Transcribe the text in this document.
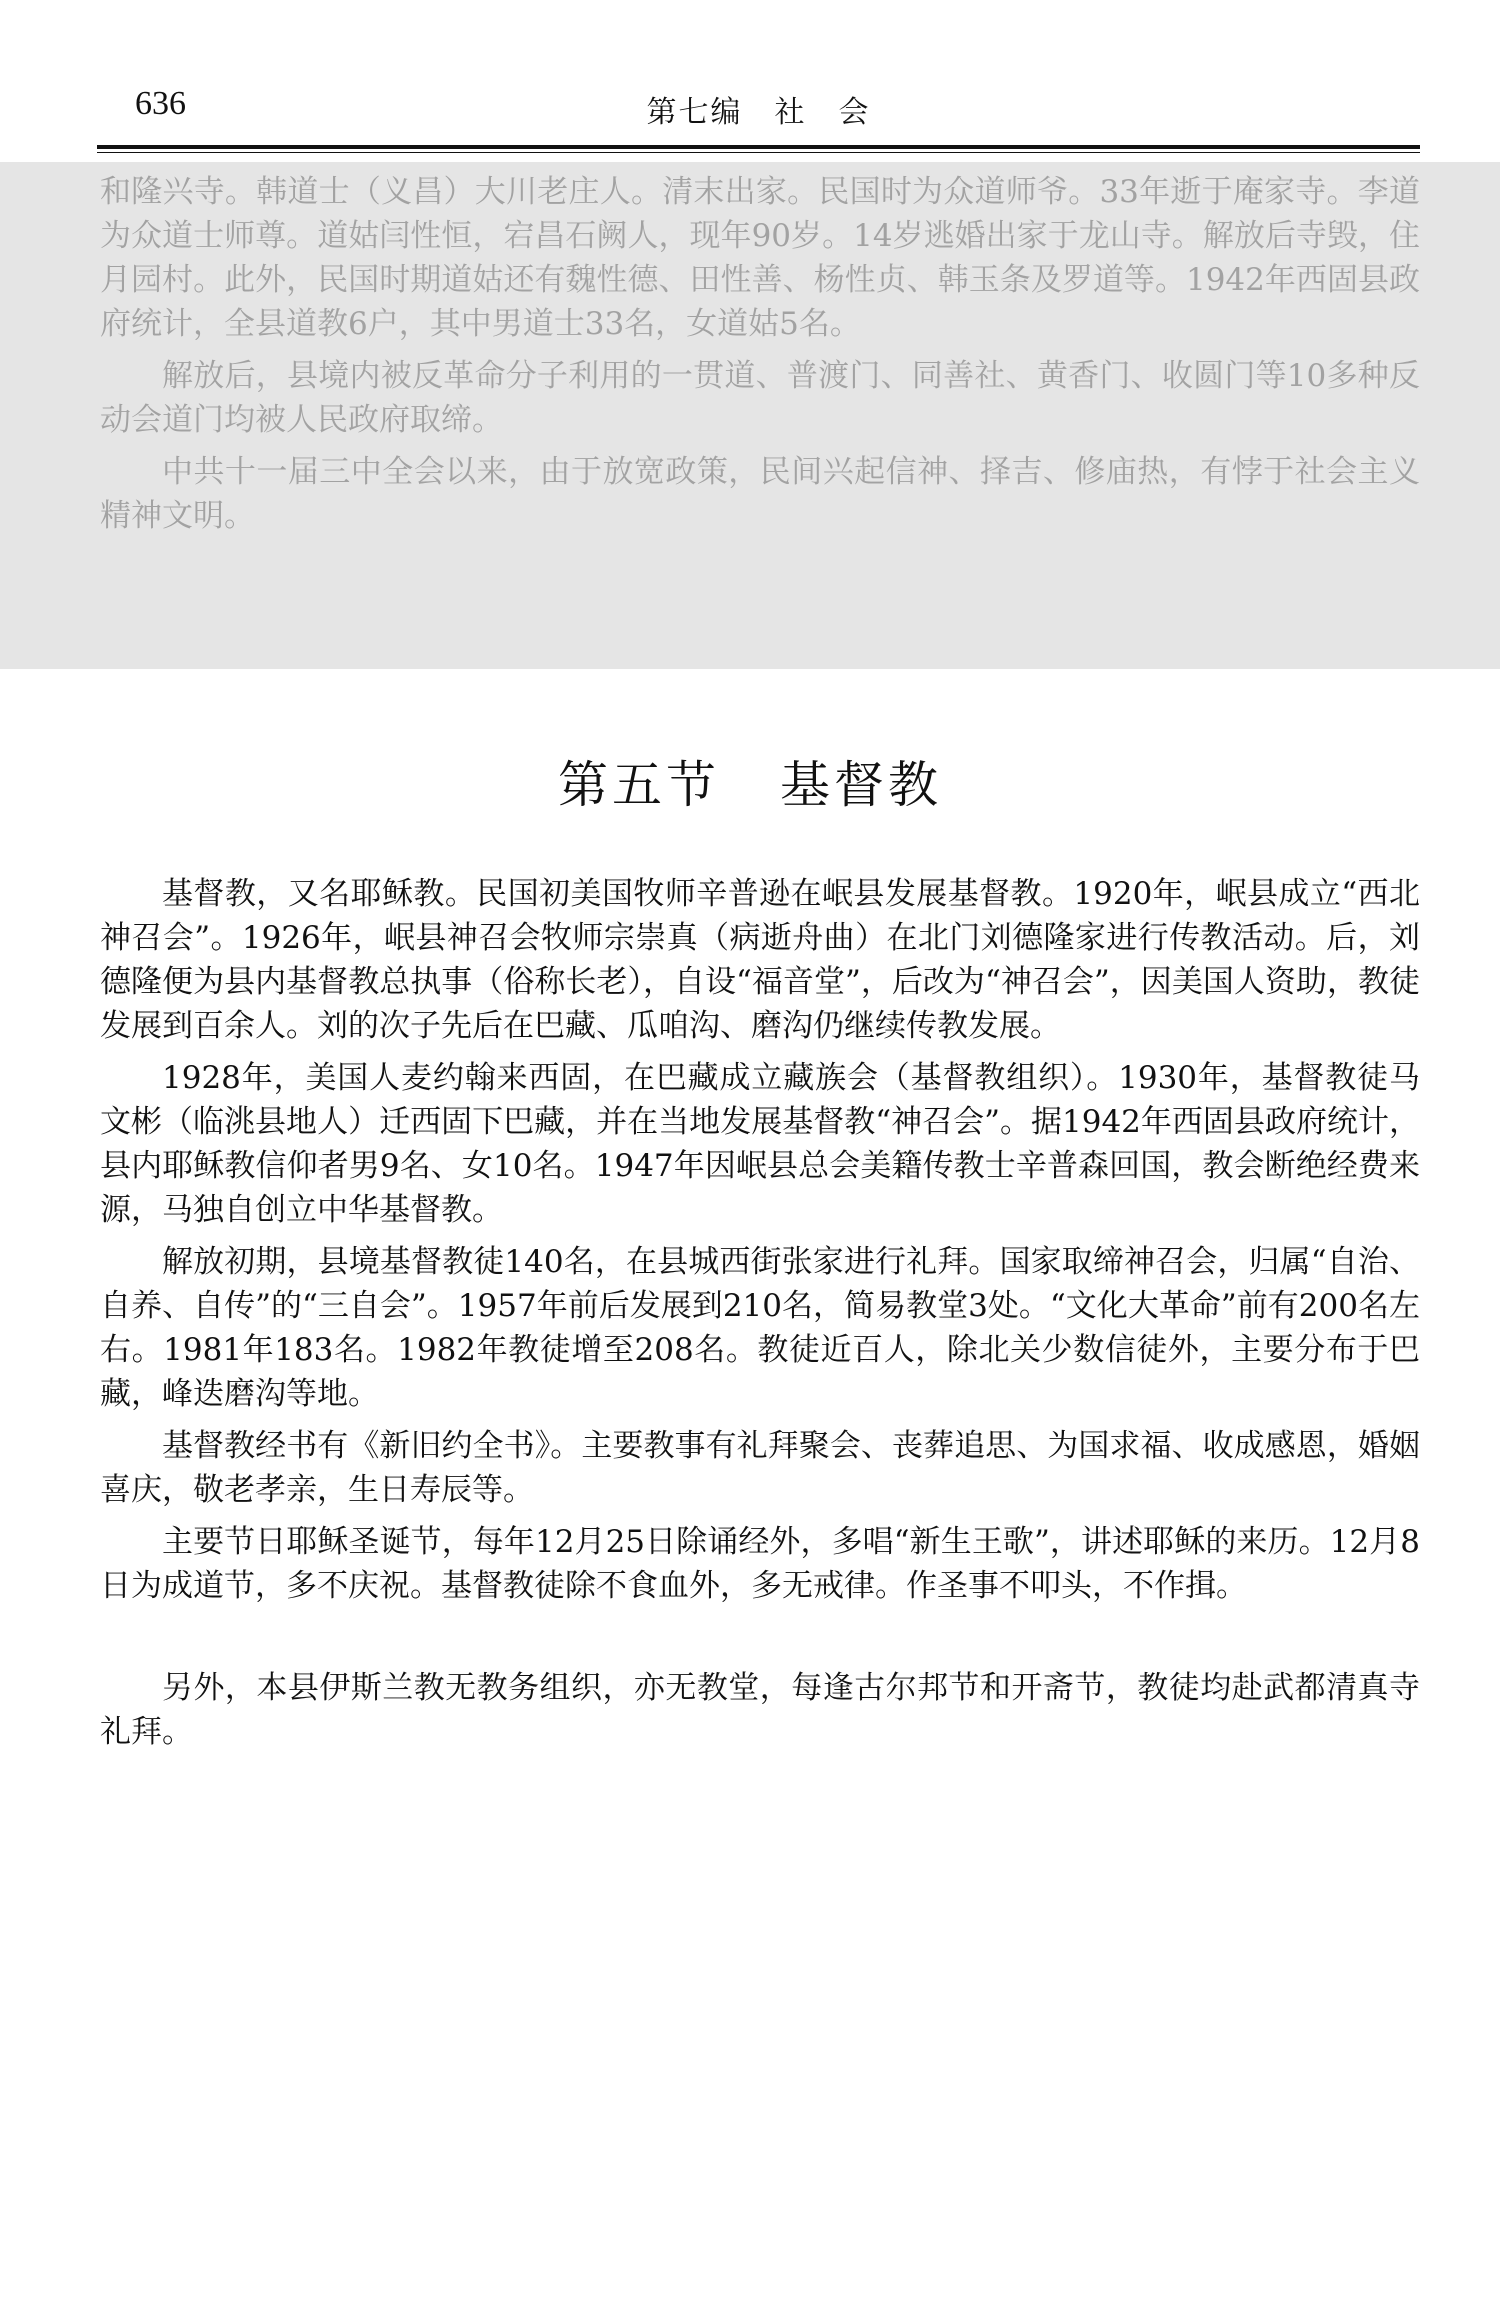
636	第七编　社　会

和隆兴寺。韩道士（义昌）大川老庄人。清末出家。民国时为众道师爷。33年逝于庵家寺。李道为众道士师尊。道姑闫性恒，宕昌石阙人，现年90岁。14岁逃婚出家于龙山寺。解放后寺毁，住月园村。此外，民国时期道姑还有魏性德、田性善、杨性贞、韩玉条及罗道等。1942年西固县政府统计，全县道教6户，其中男道士33名，女道姑5名。

解放后，县境内被反革命分子利用的一贯道、普渡门、同善社、黄香门、收圆门等10多种反动会道门均被人民政府取缔。

中共十一届三中全会以来，由于放宽政策，民间兴起信神、择吉、修庙热，有悖于社会主义精神文明。

第五节 基督教

基督教，又名耶稣教。民国初美国牧师辛普逊在岷县发展基督教。1920年，岷县成立“西北神召会”。1926年，岷县神召会牧师宗崇真（病逝舟曲）在北门刘德隆家进行传教活动。后，刘德隆便为县内基督教总执事（俗称长老），自设“福音堂”，后改为“神召会”，因美国人资助，教徒发展到百余人。刘的次子先后在巴藏、瓜咱沟、磨沟仍继续传教发展。

1928年，美国人麦约翰来西固，在巴藏成立藏族会（基督教组织）。1930年，基督教徒马文彬（临洮县地人）迁西固下巴藏，并在当地发展基督教“神召会”。据1942年西固县政府统计，县内耶稣教信仰者男9名、女10名。1947年因岷县总会美籍传教士辛普森回国，教会断绝经费来源，马独自创立中华基督教。

解放初期，县境基督教徒140名，在县城西街张家进行礼拜。国家取缔神召会，归属“自治、自养、自传”的“三自会”。1957年前后发展到210名，简易教堂3处。“文化大革命”前有200名左右。1981年183名。1982年教徒增至208名。教徒近百人，除北关少数信徒外，主要分布于巴藏，峰迭磨沟等地。

基督教经书有《新旧约全书》。主要教事有礼拜聚会、丧葬追思、为国求福、收成感恩，婚姻喜庆，敬老孝亲，生日寿辰等。

主要节日耶稣圣诞节，每年12月25日除诵经外，多唱“新生王歌”，讲述耶稣的来历。12月8日为成道节，多不庆祝。基督教徒除不食血外，多无戒律。作圣事不叩头，不作揖。

另外，本县伊斯兰教无教务组织，亦无教堂，每逢古尔邦节和开斋节，教徒均赴武都清真寺礼拜。
